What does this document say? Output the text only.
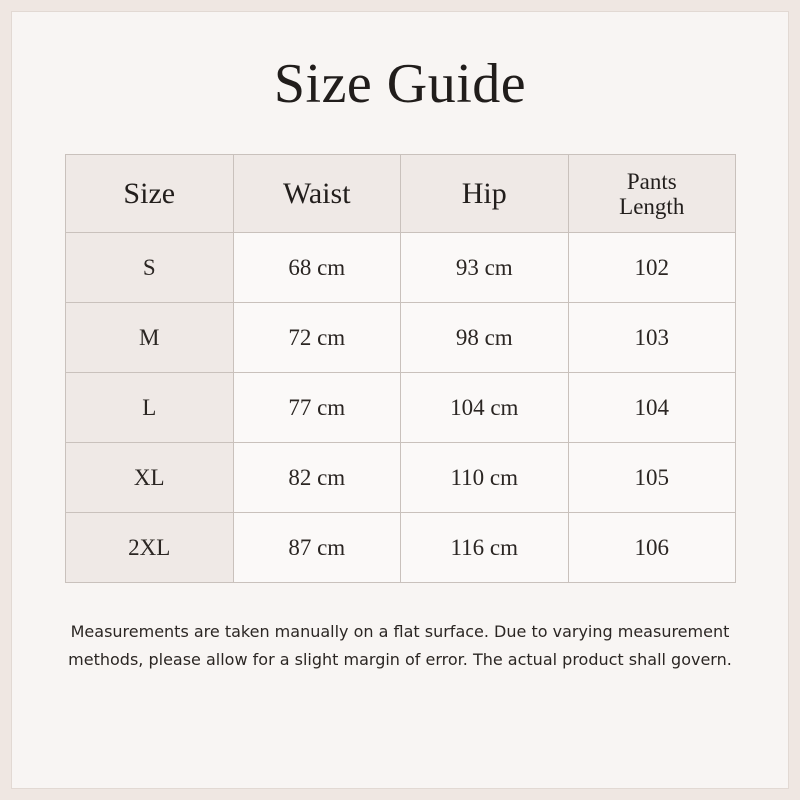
Size Guide
Size	Waist	Hip	Pants Length
S	68 cm	93 cm	102
M	72 cm	98 cm	103
L	77 cm	104 cm	104
XL	82 cm	110 cm	105
2XL	87 cm	116 cm	106

Measurements are taken manually on a flat surface. Due to varying measurement methods, please allow for a slight margin of error. The actual product shall govern.
